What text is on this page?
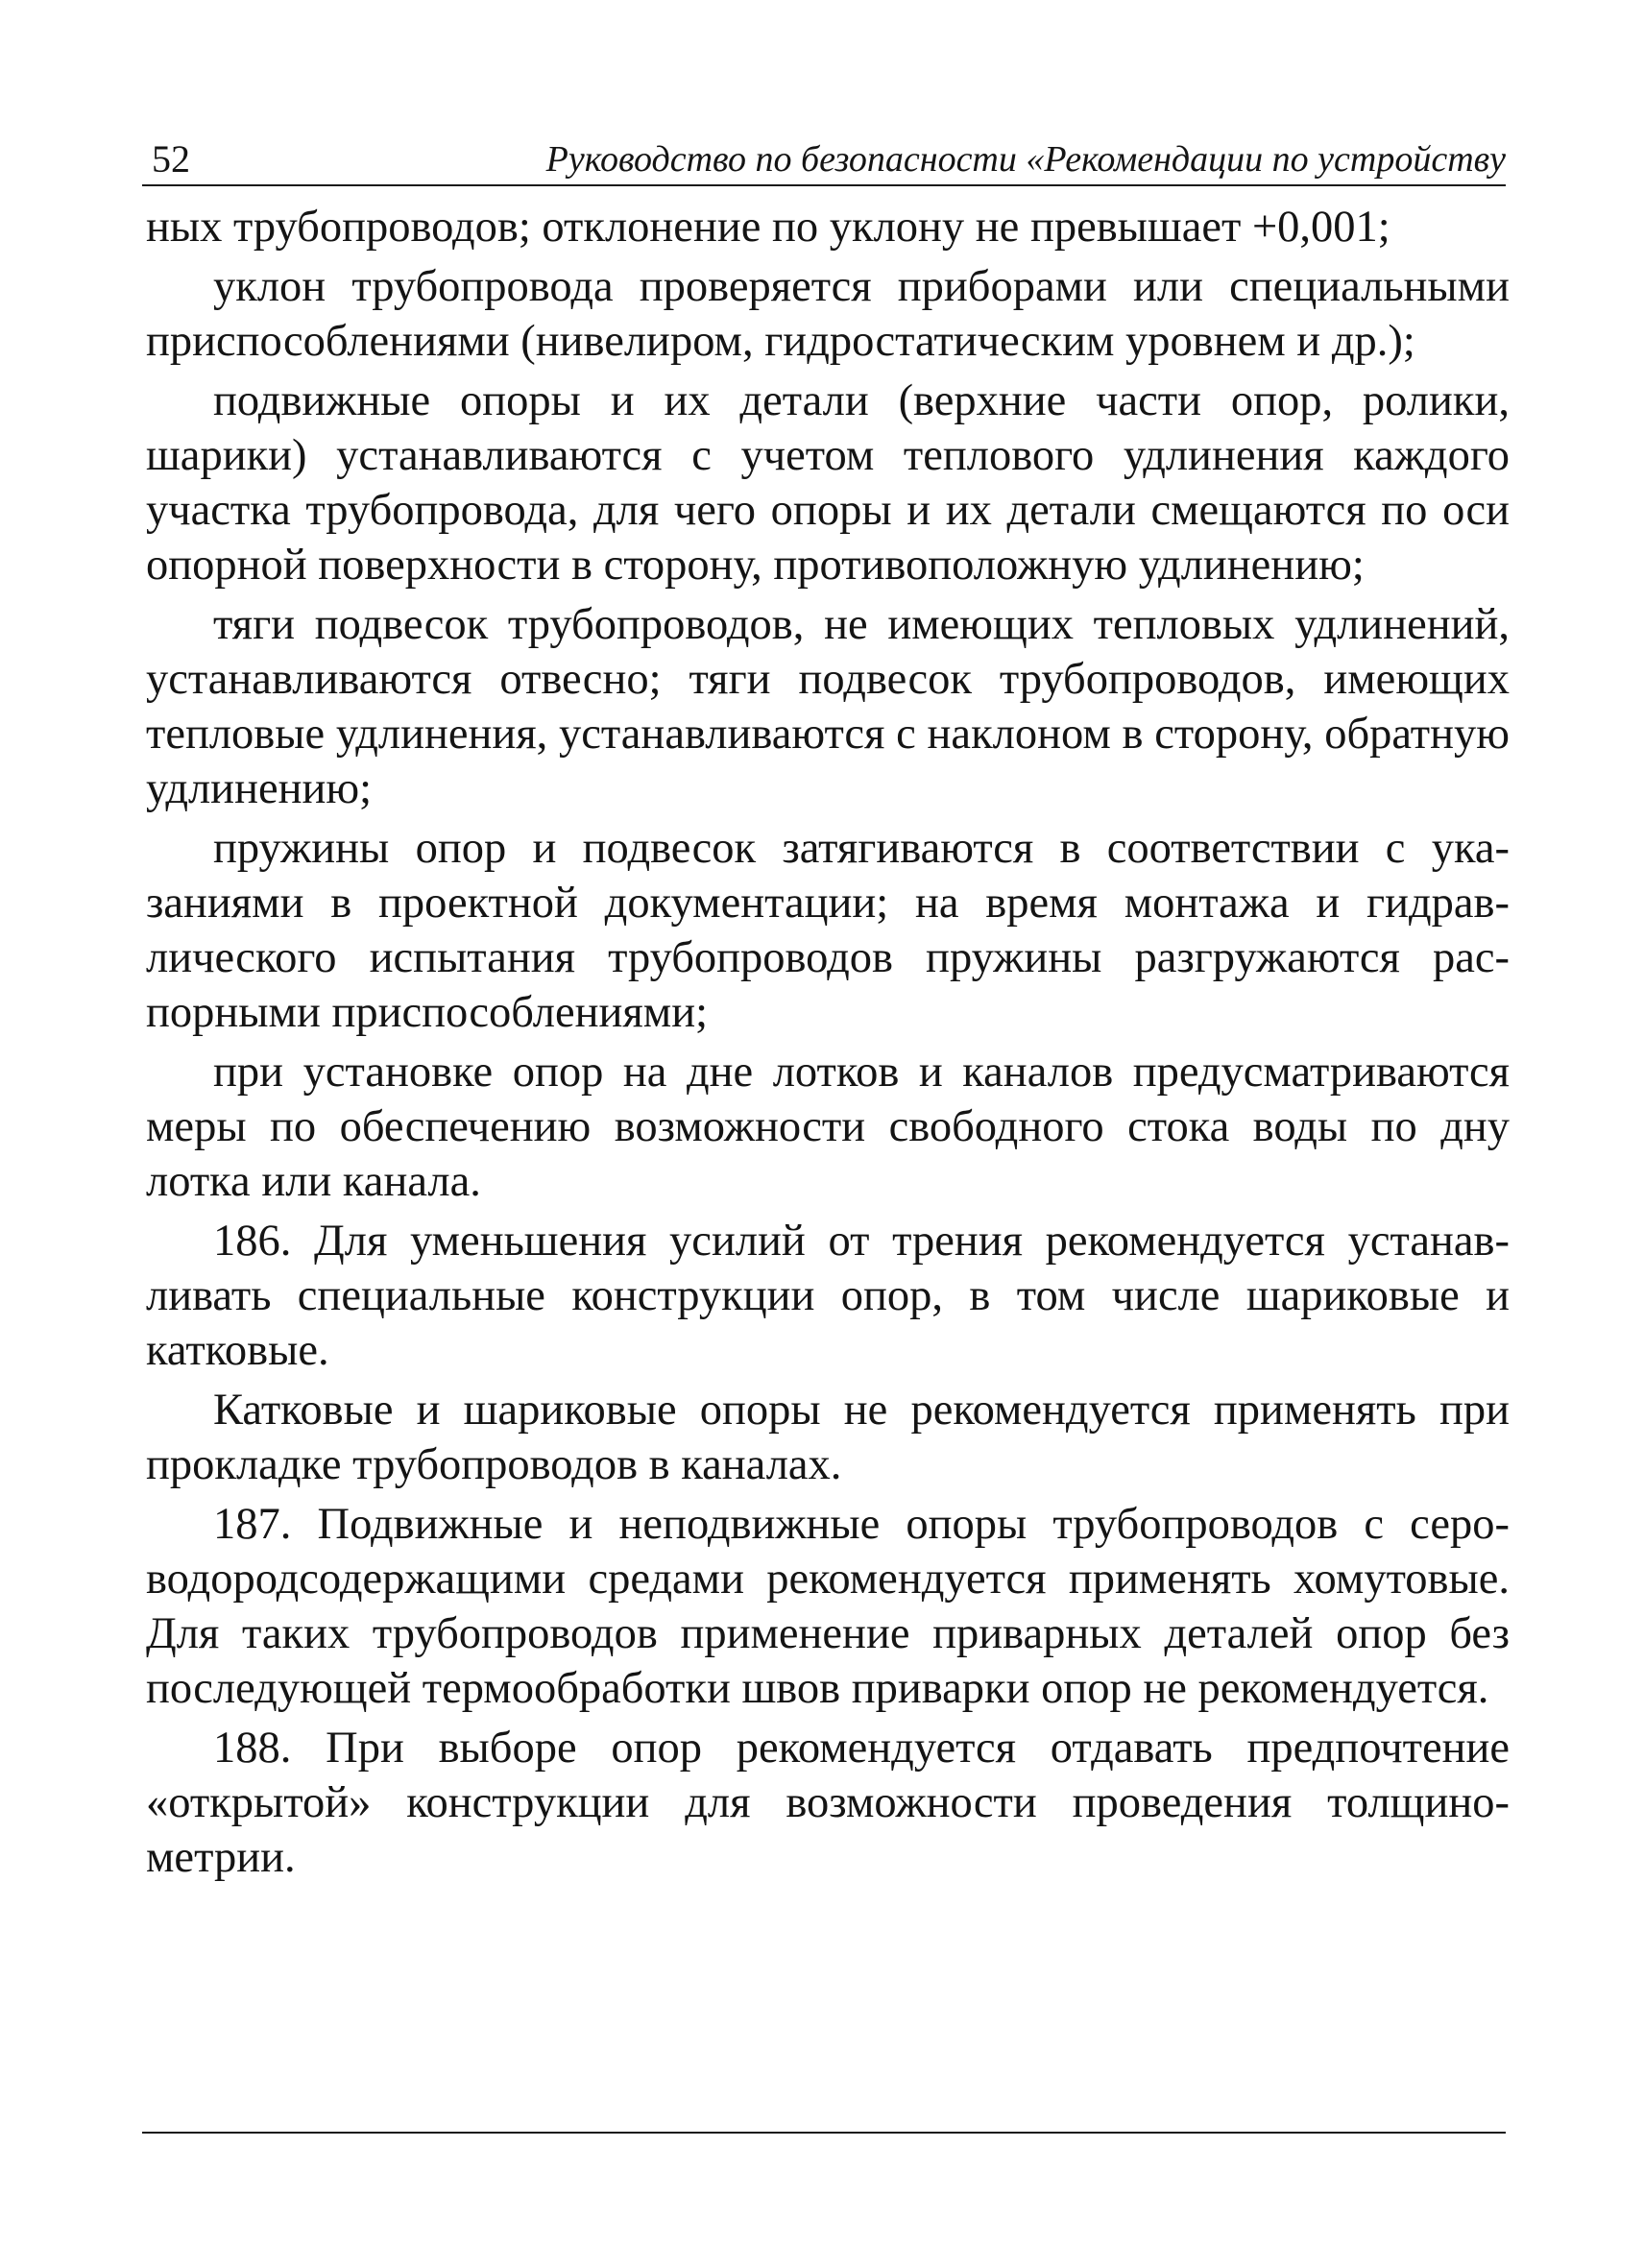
52	Руководство по безопасности «Рекомендации по устройству

ных трубопроводов; отклонение по уклону не превышает +0,001;

уклон трубопровода проверяется приборами или специальными приспособлениями (нивелиром, гидростатическим уровнем и др.);

подвижные опоры и их детали (верхние части опор, ролики, шарики) устанавливаются с учетом теплового удлинения каждого участка трубопровода, для чего опоры и их детали смещаются по оси опорной поверхности в сторону, противоположную удлинению;

тяги подвесок трубопроводов, не имеющих тепловых удлинений, устанавливаются отвесно; тяги подвесок трубопроводов, имеющих тепловые удлинения, устанавливаются с наклоном в сторону, обратную удлинению;

пружины опор и подвесок затягиваются в соответствии с указаниями в проектной документации; на время монтажа и гидравлического испытания трубопроводов пружины разгружаются распорными приспособлениями;

при установке опор на дне лотков и каналов предусматриваются меры по обеспечению возможности свободного стока воды по дну лотка или канала.

186. Для уменьшения усилий от трения рекомендуется устанавливать специальные конструкции опор, в том числе шариковые и катковые.

Катковые и шариковые опоры не рекомендуется применять при прокладке трубопроводов в каналах.

187. Подвижные и неподвижные опоры трубопроводов с сероводородсодержащими средами рекомендуется применять хомутовые. Для таких трубопроводов применение приварных деталей опор без последующей термообработки швов приварки опор не рекомендуется.

188. При выборе опор рекомендуется отдавать предпочтение «открытой» конструкции для возможности проведения толщинометрии.
